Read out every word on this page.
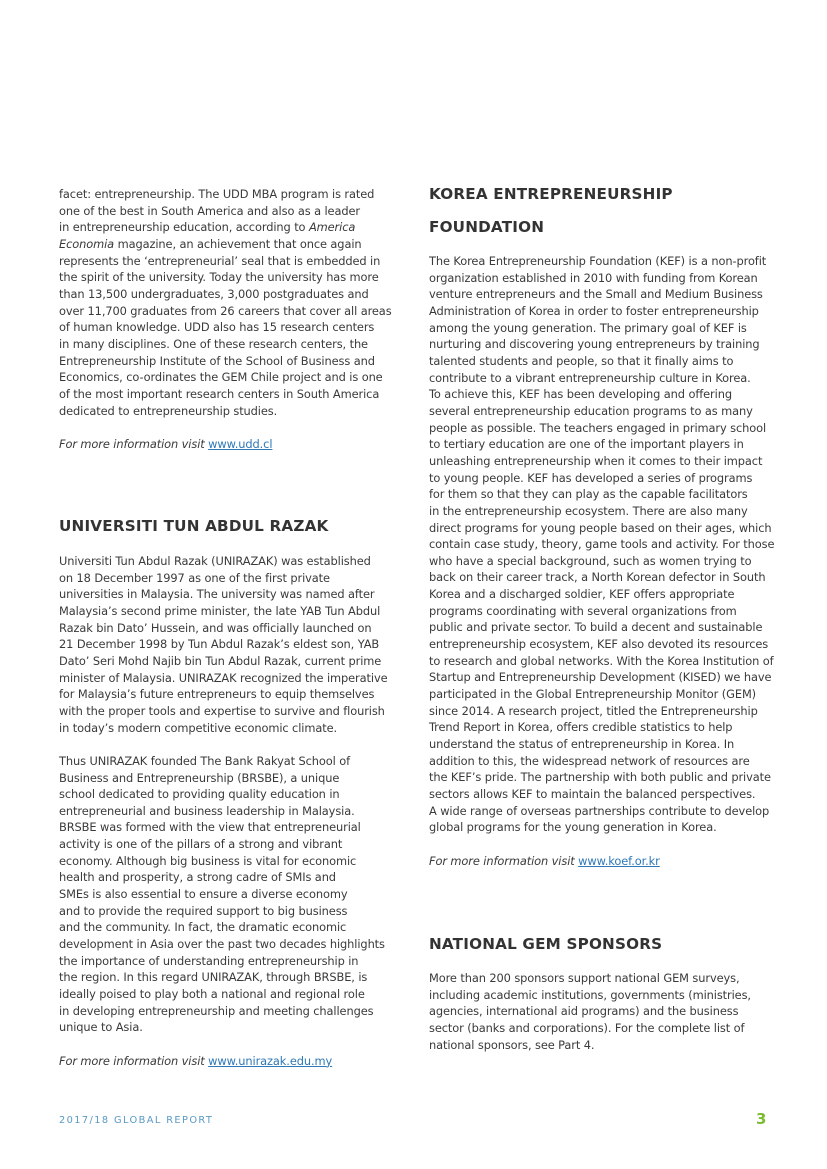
facet: entrepreneurship. The UDD MBA program is rated
one of the best in South America and also as a leader
in entrepreneurship education, according to America
Economia magazine, an achievement that once again
represents the ‘entrepreneurial’ seal that is embedded in
the spirit of the university. Today the university has more
than 13,500 undergraduates, 3,000 postgraduates and
over 11,700 graduates from 26 careers that cover all areas
of human knowledge. UDD also has 15 research centers
in many disciplines. One of these research centers, the
Entrepreneurship Institute of the School of Business and
Economics, co-ordinates the GEM Chile project and is one
of the most important research centers in South America
dedicated to entrepreneurship studies.
For more information visit www.udd.cl
UNIVERSITI TUN ABDUL RAZAK
Universiti Tun Abdul Razak (UNIRAZAK) was established
on 18 December 1997 as one of the first private
universities in Malaysia. The university was named after
Malaysia’s second prime minister, the late YAB Tun Abdul
Razak bin Dato’ Hussein, and was officially launched on
21 December 1998 by Tun Abdul Razak’s eldest son, YAB
Dato’ Seri Mohd Najib bin Tun Abdul Razak, current prime
minister of Malaysia. UNIRAZAK recognized the imperative
for Malaysia’s future entrepreneurs to equip themselves
with the proper tools and expertise to survive and flourish
in today’s modern competitive economic climate.
Thus UNIRAZAK founded The Bank Rakyat School of
Business and Entrepreneurship (BRSBE), a unique
school dedicated to providing quality education in
entrepreneurial and business leadership in Malaysia.
BRSBE was formed with the view that entrepreneurial
activity is one of the pillars of a strong and vibrant
economy. Although big business is vital for economic
health and prosperity, a strong cadre of SMIs and
SMEs is also essential to ensure a diverse economy
and to provide the required support to big business
and the community. In fact, the dramatic economic
development in Asia over the past two decades highlights
the importance of understanding entrepreneurship in
the region. In this regard UNIRAZAK, through BRSBE, is
ideally poised to play both a national and regional role
in developing entrepreneurship and meeting challenges
unique to Asia.
For more information visit www.unirazak.edu.my
KOREA ENTREPRENEURSHIP
FOUNDATION
The Korea Entrepreneurship Foundation (KEF) is a non-profit
organization established in 2010 with funding from Korean
venture entrepreneurs and the Small and Medium Business
Administration of Korea in order to foster entrepreneurship
among the young generation. The primary goal of KEF is
nurturing and discovering young entrepreneurs by training
talented students and people, so that it finally aims to
contribute to a vibrant entrepreneurship culture in Korea.
To achieve this, KEF has been developing and offering
several entrepreneurship education programs to as many
people as possible. The teachers engaged in primary school
to tertiary education are one of the important players in
unleashing entrepreneurship when it comes to their impact
to young people. KEF has developed a series of programs
for them so that they can play as the capable facilitators
in the entrepreneurship ecosystem. There are also many
direct programs for young people based on their ages, which
contain case study, theory, game tools and activity. For those
who have a special background, such as women trying to
back on their career track, a North Korean defector in South
Korea and a discharged soldier, KEF offers appropriate
programs coordinating with several organizations from
public and private sector. To build a decent and sustainable
entrepreneurship ecosystem, KEF also devoted its resources
to research and global networks. With the Korea Institution of
Startup and Entrepreneurship Development (KISED) we have
participated in the Global Entrepreneurship Monitor (GEM)
since 2014. A research project, titled the Entrepreneurship
Trend Report in Korea, offers credible statistics to help
understand the status of entrepreneurship in Korea. In
addition to this, the widespread network of resources are
the KEF’s pride. The partnership with both public and private
sectors allows KEF to maintain the balanced perspectives.
A wide range of overseas partnerships contribute to develop
global programs for the young generation in Korea.
For more information visit www.koef.or.kr
NATIONAL GEM SPONSORS
More than 200 sponsors support national GEM surveys,
including academic institutions, governments (ministries,
agencies, international aid programs) and the business
sector (banks and corporations). For the complete list of
national sponsors, see Part 4.
2017/18 GLOBAL REPORT	3
